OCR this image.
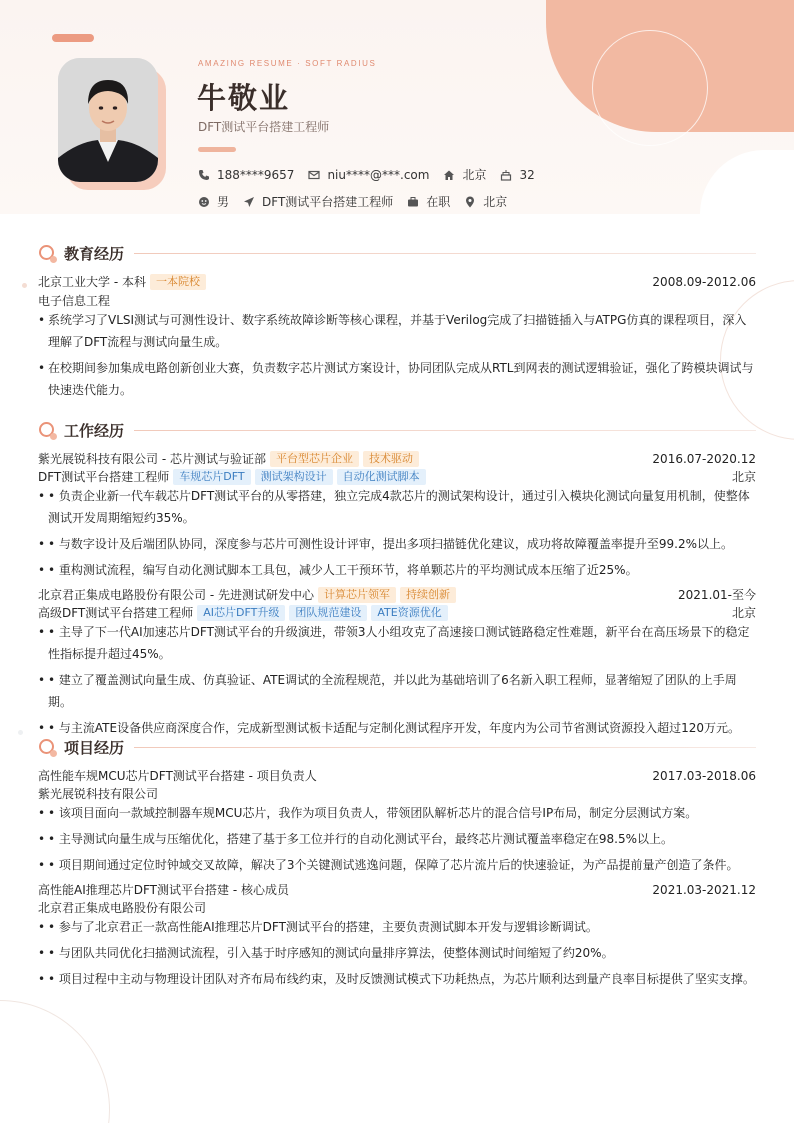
AMAZING RESUME · SOFT RADIUS
牛敬业
DFT测试平台搭建工程师
188****9657	niu****@***.com	北京	32
男	DFT测试平台搭建工程师	在职	北京
教育经历
北京工业大学 - 本科 一本院校	2008.09-2012.06
电子信息工程
• 系统学习了VLSI测试与可测性设计、数字系统故障诊断等核心课程，并基于Verilog完成了扫描链插入与ATPG仿真的课程项目，深入理解了DFT流程与测试向量生成。
• 在校期间参加集成电路创新创业大赛，负责数字芯片测试方案设计，协同团队完成从RTL到网表的测试逻辑验证，强化了跨模块调试与快速迭代能力。
工作经历
紫光展锐科技有限公司 - 芯片测试与验证部 平台型芯片企业	技术驱动	2016.07-2020.12
DFT测试平台搭建工程师 车规芯片DFT	测试架构设计	自动化测试脚本	北京
• • 负责企业新一代车载芯片DFT测试平台的从零搭建，独立完成4款芯片的测试架构设计，通过引入模块化测试向量复用机制，使整体测试开发周期缩短约35%。
• • 与数字设计及后端团队协同，深度参与芯片可测性设计评审，提出多项扫描链优化建议，成功将故障覆盖率提升至99.2%以上。
• • 重构测试流程，编写自动化测试脚本工具包，减少人工干预环节，将单颗芯片的平均测试成本压缩了近25%。
北京君正集成电路股份有限公司 - 先进测试研发中心 计算芯片领军	持续创新	2021.01-至今
高级DFT测试平台搭建工程师 AI芯片DFT升级	团队规范建设	ATE资源优化	北京
• • 主导了下一代AI加速芯片DFT测试平台的升级演进，带领3人小组攻克了高速接口测试链路稳定性难题，新平台在高压场景下的稳定性指标提升超过45%。
• • 建立了覆盖测试向量生成、仿真验证、ATE调试的全流程规范，并以此为基础培训了6名新入职工程师，显著缩短了团队的上手周期。
• • 与主流ATE设备供应商深度合作，完成新型测试板卡适配与定制化测试程序开发，年度内为公司节省测试资源投入超过120万元。
项目经历
高性能车规MCU芯片DFT测试平台搭建 - 项目负责人	2017.03-2018.06
紫光展锐科技有限公司
• • 该项目面向一款域控制器车规MCU芯片，我作为项目负责人，带领团队解析芯片的混合信号IP布局，制定分层测试方案。
• • 主导测试向量生成与压缩优化，搭建了基于多工位并行的自动化测试平台，最终芯片测试覆盖率稳定在98.5%以上。
• • 项目期间通过定位时钟域交叉故障，解决了3个关键测试逃逸问题，保障了芯片流片后的快速验证，为产品提前量产创造了条件。
高性能AI推理芯片DFT测试平台搭建 - 核心成员	2021.03-2021.12
北京君正集成电路股份有限公司
• • 参与了北京君正一款高性能AI推理芯片DFT测试平台的搭建，主要负责测试脚本开发与逻辑诊断调试。
• • 与团队共同优化扫描测试流程，引入基于时序感知的测试向量排序算法，使整体测试时间缩短了约20%。
• • 项目过程中主动与物理设计团队对齐布局布线约束，及时反馈测试模式下功耗热点，为芯片顺利达到量产良率目标提供了坚实支撑。
